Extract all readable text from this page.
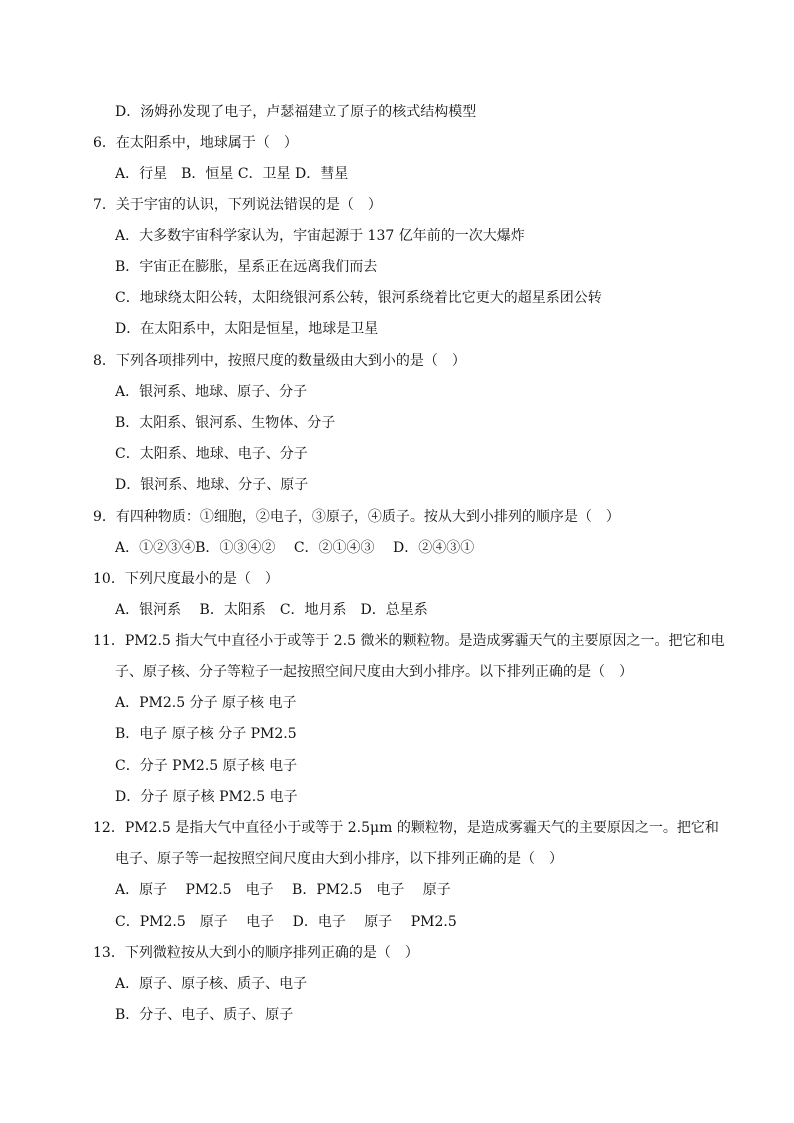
D．汤姆孙发现了电子，卢瑟福建立了原子的核式结构模型
6．在太阳系中，地球属于（　）
A．行星　B．恒星 C．卫星 D．彗星
7．关于宇宙的认识，下列说法错误的是（　）
A．大多数宇宙科学家认为，宇宙起源于 137 亿年前的一次大爆炸
B．宇宙正在膨胀，星系正在远离我们而去
C．地球绕太阳公转，太阳绕银河系公转，银河系绕着比它更大的超星系团公转
D．在太阳系中，太阳是恒星，地球是卫星
8．下列各项排列中，按照尺度的数量级由大到小的是（　）
A．银河系、地球、原子、分子
B．太阳系、银河系、生物体、分子
C．太阳系、地球、电子、分子
D．银河系、地球、分子、原子
9．有四种物质：①细胞，②电子，③原子，④质子。按从大到小排列的顺序是（　）
A．①②③④B．①③④②　 C．②①④③　 D．②④③①
10．下列尺度最小的是（　）
A．银河系　 B．太阳系　C．地月系　D．总星系
11．PM2.5 指大气中直径小于或等于 2.5 微米的颗粒物。是造成雾霾天气的主要原因之一。把它和电
子、原子核、分子等粒子一起按照空间尺度由大到小排序。以下排列正确的是（　）
A．PM2.5 分子 原子核 电子
B．电子 原子核 分子 PM2.5
C．分子 PM2.5 原子核 电子
D．分子 原子核 PM2.5 电子
12．PM2.5 是指大气中直径小于或等于 2.5μm 的颗粒物，是造成雾霾天气的主要原因之一。把它和
电子、原子等一起按照空间尺度由大到小排序，以下排列正确的是（　）
A．原子　 PM2.5　电子　 B．PM2.5　电子　 原子
C．PM2.5　原子　 电子　 D．电子　 原子　 PM2.5
13．下列微粒按从大到小的顺序排列正确的是（　）
A．原子、原子核、质子、电子
B．分子、电子、质子、原子
